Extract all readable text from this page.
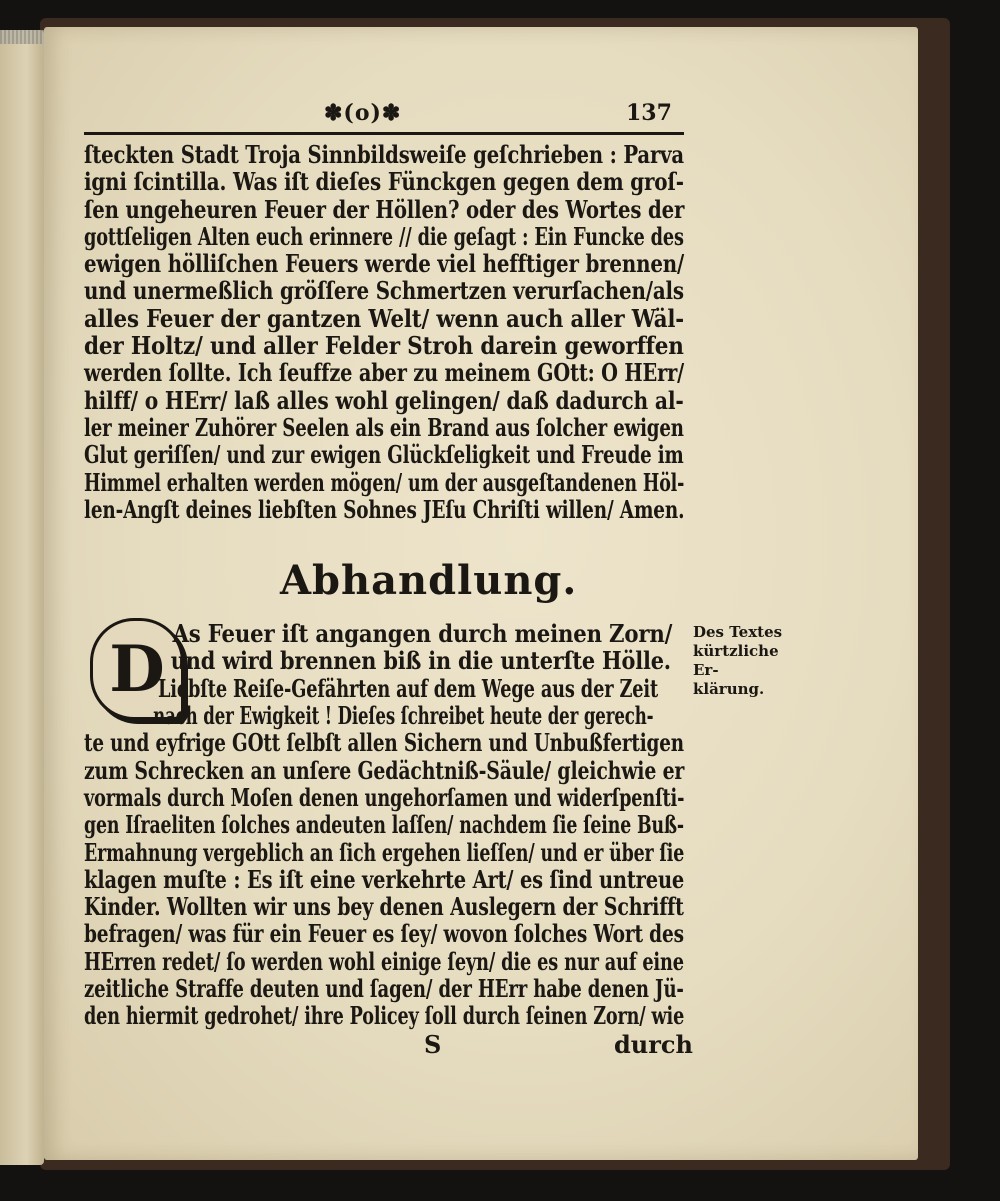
✽(o)✽	137
ſteckten Stadt Troja Sinnbildsweiſe geſchrieben : Parva
igni ſcintilla. Was iſt dieſes Fünckgen gegen dem groſ-
ſen ungeheuren Feuer der Höllen? oder des Wortes der
gottſeligen Alten euch erinnere // die geſagt : Ein Funcke des
ewigen hölliſchen Feuers werde viel hefftiger brennen/
und unermeßlich gröſſere Schmertzen verurſachen/als
alles Feuer der gantzen Welt/ wenn auch aller Wäl-
der Holtz/ und aller Felder Stroh darein geworffen
werden ſollte. Ich ſeuffze aber zu meinem GOtt: O HErr/
hilff/ o HErr/ laß alles wohl gelingen/ daß dadurch al-
ler meiner Zuhörer Seelen als ein Brand aus ſolcher ewigen
Glut geriſſen/ und zur ewigen Glückſeligkeit und Freude im
Himmel erhalten werden mögen/ um der ausgeſtandenen Höl-
len-Angſt deines liebſten Sohnes JEſu Chriſti willen/ Amen.
Abhandlung.
D As Feuer iſt angangen durch meinen Zorn/
und wird brennen biß in die unterſte Hölle.
Liebſte Reiſe-Gefährten auf dem Wege aus der Zeit
nach der Ewigkeit ! Dieſes ſchreibet heute der gerech-
te und eyfrige GOtt ſelbſt allen Sichern und Unbußfertigen
zum Schrecken an unſere Gedächtniß-Säule/ gleichwie er
vormals durch Moſen denen ungehorſamen und widerſpenſti-
gen Iſraeliten ſolches andeuten laſſen/ nachdem ſie ſeine Buß-
Ermahnung vergeblich an ſich ergehen lieſſen/ und er über ſie
klagen muſte : Es iſt eine verkehrte Art/ es ſind untreue
Kinder. Wollten wir uns bey denen Auslegern der Schrifft
befragen/ was für ein Feuer es ſey/ wovon ſolches Wort des
HErren redet/ ſo werden wohl einige ſeyn/ die es nur auf eine
zeitliche Straffe deuten und ſagen/ der HErr habe denen Jü-
den hiermit gedrohet/ ihre Policey ſoll durch ſeinen Zorn/ wie
S	durch
Des Textes
kürtzliche Er-
klärung.
